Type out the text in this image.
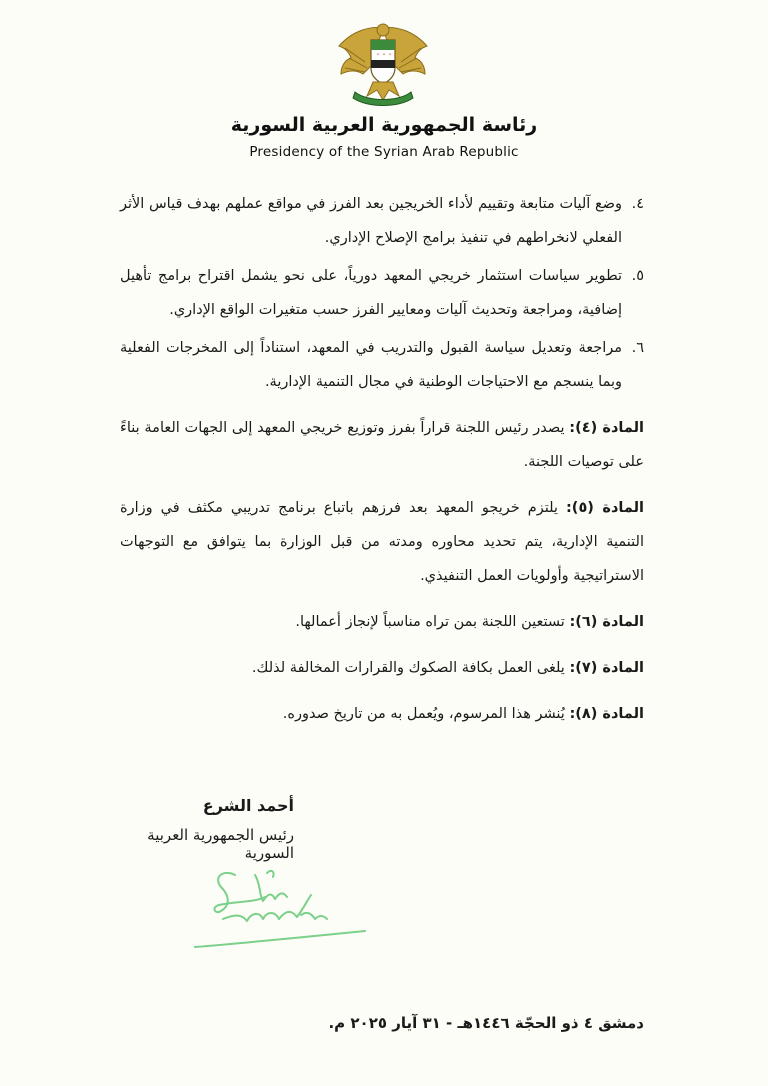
رئاسة الجمهورية العربية السورية
Presidency of the Syrian Arab Republic
٤.
وضع آليات متابعة وتقييم لأداء الخريجين بعد الفرز في مواقع عملهم بهدف قياس الأثر الفعلي لانخراطهم في تنفيذ برامج الإصلاح الإداري.
٥.
تطوير سياسات استثمار خريجي المعهد دورياً، على نحو يشمل اقتراح برامج تأهيل إضافية، ومراجعة وتحديث آليات ومعايير الفرز حسب متغيرات الواقع الإداري.
٦.
مراجعة وتعديل سياسة القبول والتدريب في المعهد، استناداً إلى المخرجات الفعلية وبما ينسجم مع الاحتياجات الوطنية في مجال التنمية الإدارية.
المادة (٤): يصدر رئيس اللجنة قراراً بفرز وتوزيع خريجي المعهد إلى الجهات العامة بناءً على توصيات اللجنة.
المادة (٥): يلتزم خريجو المعهد بعد فرزهم باتباع برنامج تدريبي مكثف في وزارة التنمية الإدارية، يتم تحديد محاوره ومدته من قبل الوزارة بما يتوافق مع التوجهات الاستراتيجية وأولويات العمل التنفيذي.
المادة (٦): تستعين اللجنة بمن تراه مناسباً لإنجاز أعمالها.
المادة (٧): يلغى العمل بكافة الصكوك والقرارات المخالفة لذلك.
المادة (٨): يُنشر هذا المرسوم، ويُعمل به من تاريخ صدوره.
أحمد الشرع
رئيس الجمهورية العربية السورية
دمشق ٤ ذو الحجّة ١٤٤٦هـ - ٣١ آيار ٢٠٢٥ م.
